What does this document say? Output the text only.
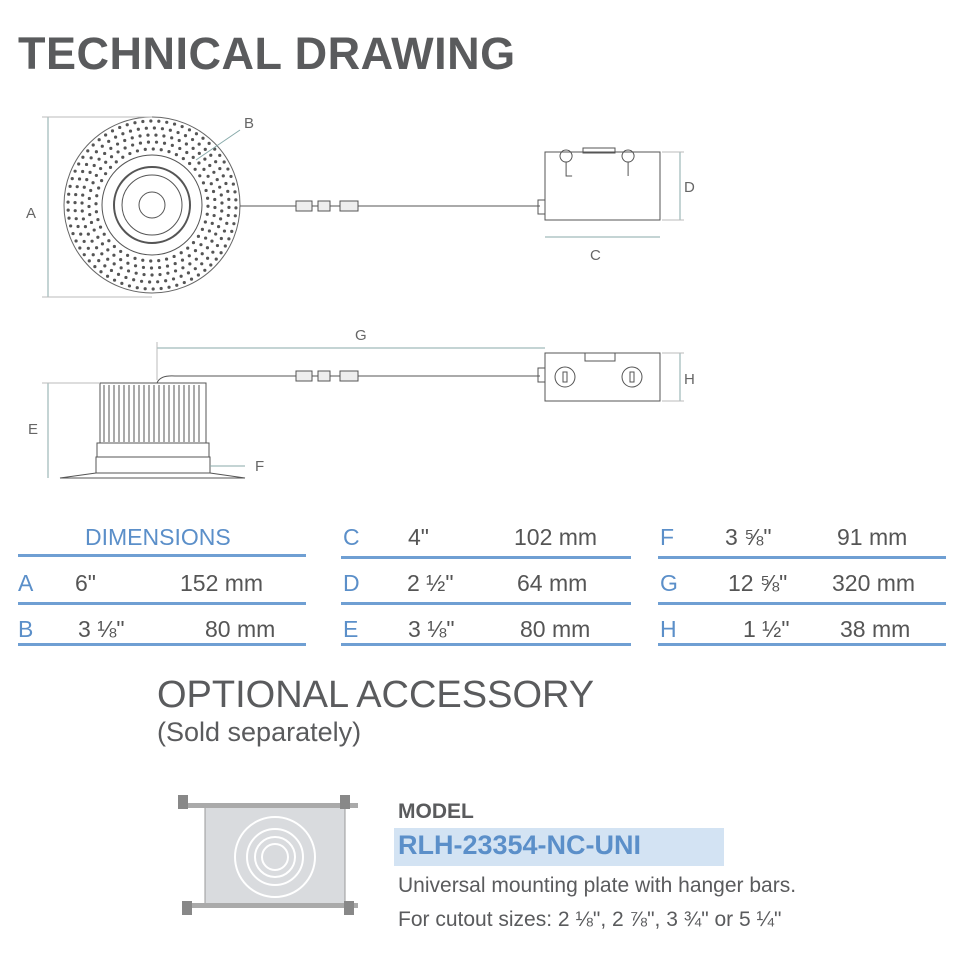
TECHNICAL DRAWING
A
B
C
D
E
F
G
H
DIMENSIONS
A 6"	152 mm
B 3 ⅛"	80 mm
C 4"	102 mm
D 2 ½"	64 mm
E 3 ⅛"	80 mm
F 3 ⅝"	91 mm
G 12 ⅝" 320 mm
H	1 ½" 38 mm
OPTIONAL ACCESSORY
(Sold separately)
MODEL
RLH-23354-NC-UNI
Universal mounting plate with hanger bars.
For cutout sizes: 2 ⅛", 2 ⅞", 3 ¾" or 5 ¼"
